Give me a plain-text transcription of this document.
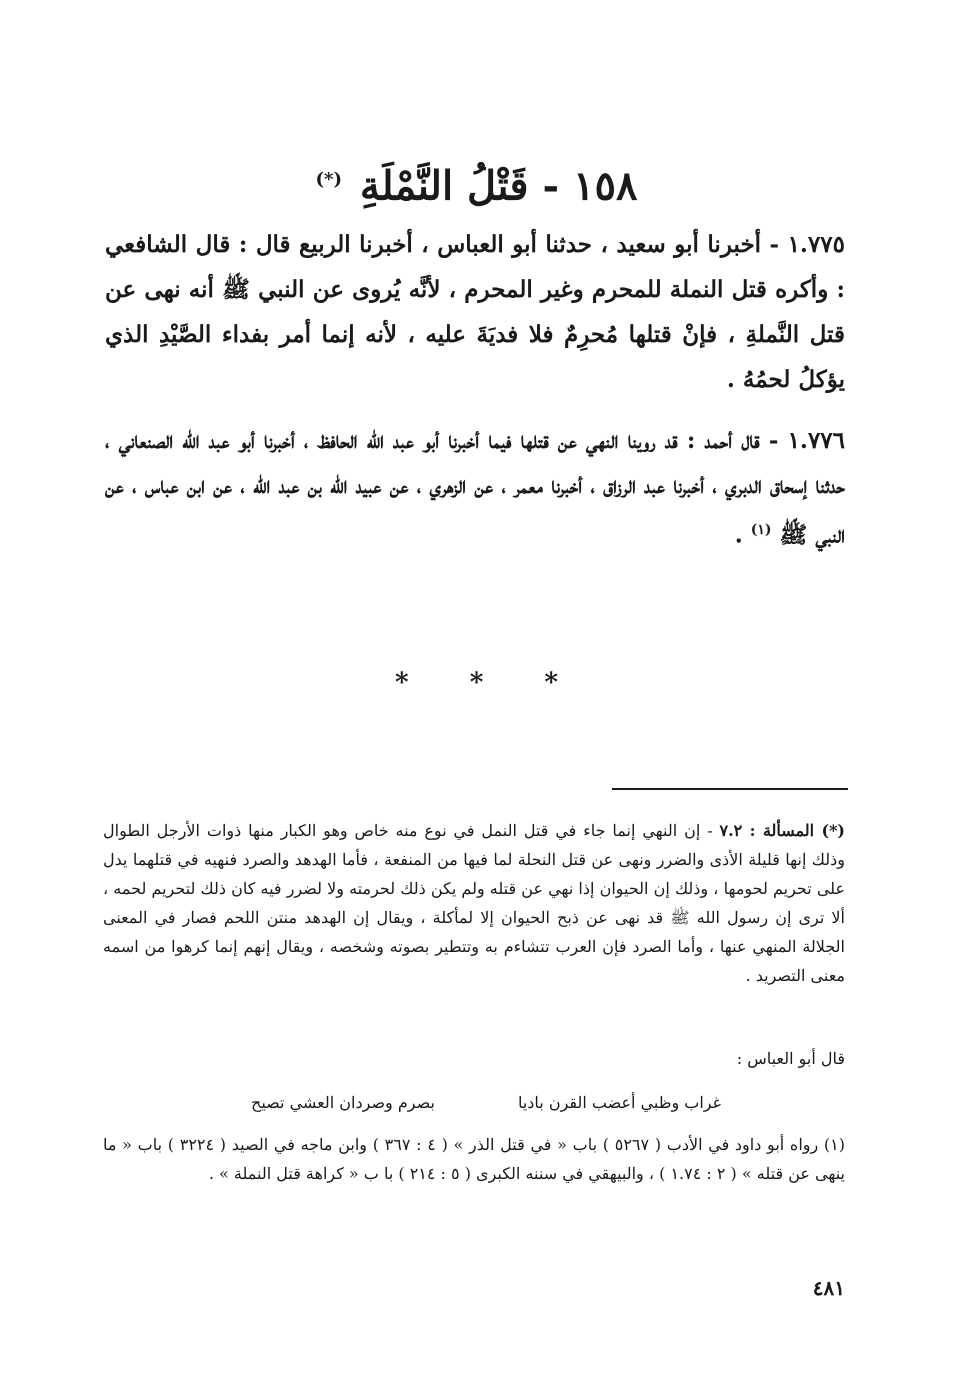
١٥٨ - قَتْلُ النَّمْلَةِ (*)
١.٧٧٥ - أخبرنا أبو سعيد ، حدثنا أبو العباس ، أخبرنا الربيع قال : قال الشافعي : وأكره قتل النملة للمحرم وغير المحرم ، لأنَّه يُروى عن النبي ﷺ أنه نهى عن قتل النَّملةِ ، فإنْ قتلها مُحرِمٌ فلا فديَةَ عليه ، لأنه إنما أمر بفداء الصَّيْدِ الذي يؤكلُ لحمُهُ .
١.٧٧٦ - قال أحمد : قد روينا النهي عن قتلها فيما أخبرنا أبو عبد الله الحافظ ، أخبرنا أبو عبد الله الصنعاني ، حدثنا إسحاق الدبري ، أخبرنا عبد الرزاق ، أخبرنا معمر ، عن الزهري ، عن عبيد الله بن عبد الله ، عن ابن عباس ، عن النبي ﷺ $^{(١)}$ .
* * *
(*) المسألة : ٧.٢ - إن النهي إنما جاء في قتل النمل في نوع منه خاص وهو الكبار منها ذوات الأرجل الطوال وذلك إنها قليلة الأذى والضرر ونهى عن قتل النحلة لما فيها من المنفعة ، فأما الهدهد والصرد فنهيه في قتلهما يدل على تحريم لحومها ، وذلك إن الحيوان إذا نهي عن قتله ولم يكن ذلك لحرمته ولا لضرر فيه كان ذلك لتحريم لحمه ، ألا ترى إن رسول الله ﷺ قد نهى عن ذبح الحيوان إلا لمأكلة ، ويقال إن الهدهد منتن اللحم فصار في المعنى الجلالة المنهي عنها ، وأما الصرد فإن العرب تتشاءم به وتتطير بصوته وشخصه ، ويقال إنهم إنما كرهوا من اسمه معنى التصريد .
قال أبو العباس :
غراب وظبي أعضب القرن باديا
بصرم وصردان العشي تصيح
(١) رواه أبو داود في الأدب ( ٥٢٦٧ ) باب « في قتل الذر » ( ٤ : ٣٦٧ ) وابن ماجه في الصيد ( ٣٢٢٤ ) باب « ما ينهى عن قتله » ( ٢ : ١.٧٤ ) ، والبيهقي في سننه الكبرى ( ٥ : ٢١٤ ) با ب « كراهة قتل النملة » .
٤٨١
